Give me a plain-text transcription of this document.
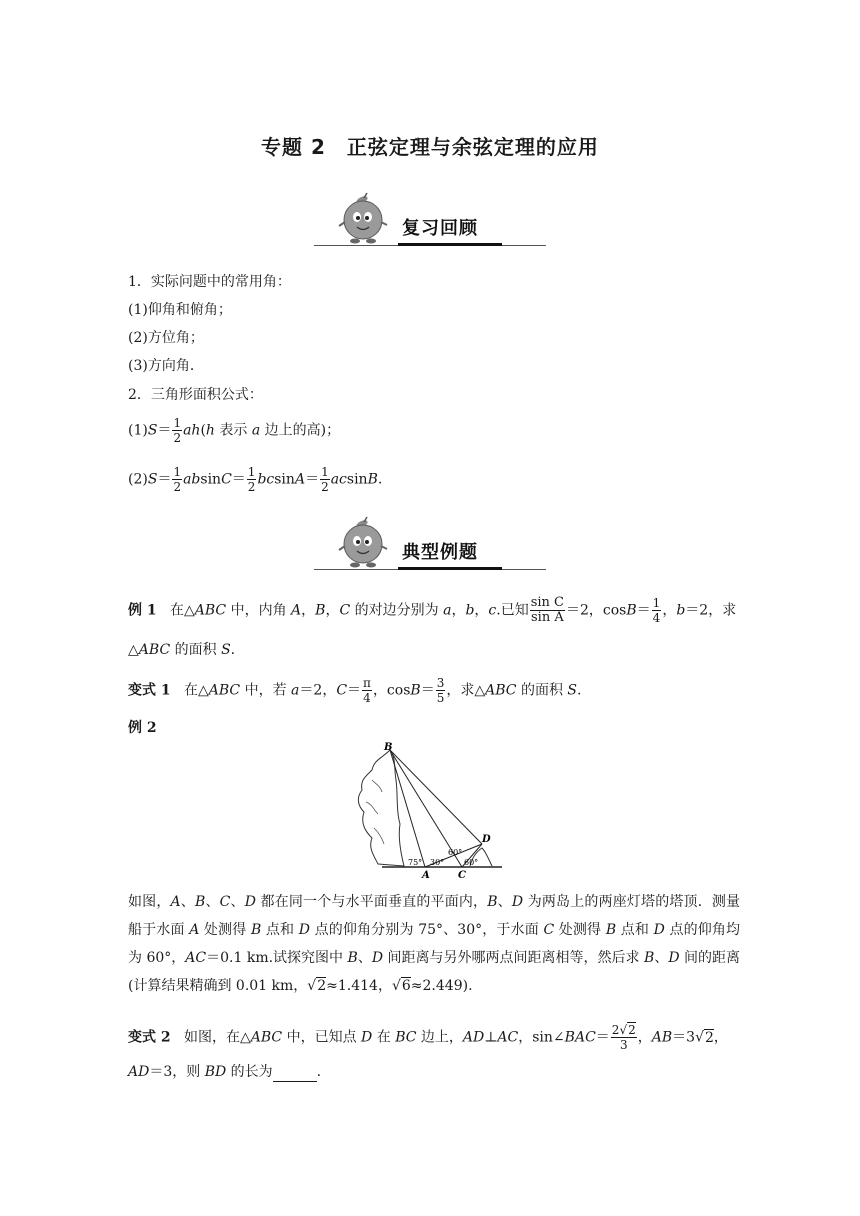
专题 2　正弦定理与余弦定理的应用
复习回顾
1．实际问题中的常用角：
(1)仰角和俯角；
(2)方位角；
(3)方向角．
2．三角形面积公式：
$(1)S= \frac{1}{2} ah(h$ 表示 a 边上的高)；
$(2)S= \frac{1}{2} absinC= \frac{1}{2} bcsinA= \frac{1}{2} acsinB$.
典型例题
例 1 在△ABC 中，内角 A，B，C 的对边分别为 a，b，c.已知 $\frac{\text{sin C}}{\text{sin A}} =2$，$\cos B= \frac{1}{4}$ ，b＝2，求
△ABC 的面积 S.
变式 1 在△ABC 中，若 a＝2，$C= \frac{\pi}{4}$ ，$\cos B= \frac{3}{5}$ ，求△ABC 的面积 S.
例 2
B
D
A	C
75° 30°
60°
60°
如图，A、B、C、D 都在同一个与水平面垂直的平面内，B、D 为两岛上的两座灯塔的塔顶．测量船于水面 A 处测得 B 点和 D 点的仰角分别为 75°、30°，于水面 C 处测得 B 点和 D 点的仰角均为 60°，AC＝0.1 km.试探究图中 B、D 间距离与另外哪两点间距离相等，然后求 B、D 间的距离(计算结果精确到 0.01 km，√2≈1.414，√6≈2.449).
变式 2 如图，在△ABC 中，已知点 D 在 BC 边上，AD⊥AC，sin∠BAC＝ $\frac{2√2}{3}$ ，AB＝3√2，
AD＝3，则 BD 的长为	.
